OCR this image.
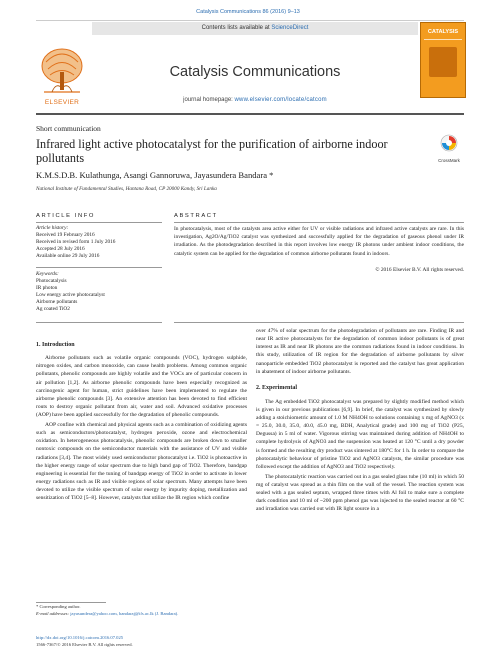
Catalysis Communications 86 (2016) 9–13
Contents lists available at ScienceDirect
ELSEVIER
Catalysis Communications
journal homepage: www.elsevier.com/locate/catcom
CATALYSIS
Short communication
Infrared light active photocatalyst for the purification of airborne indoor pollutants	CrossMark
K.M.S.D.B. Kulathunga, Asangi Gannoruwa, Jayasundera Bandara *
National Institute of Fundamental Studies, Hantana Road, CP 20000 Kandy, Sri Lanka
ARTICLE INFO
Article history:
Received 19 February 2016
Received in revised form 1 July 2016
Accepted 28 July 2016
Available online 29 July 2016
Keywords:
Photocatalysis
IR photon
Low energy active photocatalyst
Airborne pollutants
Ag coated TiO2
ABSTRACT
In photocatalysis, most of the catalysts area active either for UV or visible radiations and infrared active catalysts are rare. In this investigation, Ag2O/Ag/TiO2 catalyst was synthesized and successfully applied for the degradation of gaseous phenol under IR irradiation. As the photodegradation described in this report involves low energy IR photons under ambient indoor conditions, the catalytic system can be applied for the degradation of common airborne pollutants found in indoors.
© 2016 Elsevier B.V. All rights reserved.
1. Introduction

Airborne pollutants such as volatile organic compounds (VOC), hydrogen sulphide, nitrogen oxides, and carbon monoxide, can cause health problems. Among common organic pollutants, phenolic compounds are highly volatile and the VOCs are of particular concern in air pollution [1,2]. As airborne phenolic compounds have been especially recognized as carcinogenic agent for human, strict guidelines have been implemented to regulate the airborne phenolic compounds [3]. An extensive attention has been devoted to find efficient routs to destroy organic pollutant from air, water and soil. Advanced oxidative processes (AOP) have been applied successfully for the degradation of phenolic compounds.

AOP confine with chemical and physical agents such as a combination of oxidizing agents such as semiconductors/photocatalyst, hydrogen peroxide, ozone and electrochemical oxidation. In heterogeneous photocatalysis, phenolic compounds are broken down to smaller nontoxic compounds on the semiconductor materials with the assistance of UV and visible radiations [3,4]. The most widely used semiconductor photocatalyst i.e. TiO2 is photoactive in the higher energy range of solar spectrum due to high band gap of TiO2. Therefore, bandgap engineering is essential for the tuning of bandgap energy of TiO2 in order to activate in lower energy radiations such as IR and visible regions of solar spectrum. Many attempts have been devoted to utilize the visible spectrum of solar energy by impurity doping, metallization and sensitization of TiO2 [5–8]. However, catalysts that utilize the IR region which confine

over 47% of solar spectrum for the photodegradation of pollutants are rare. Finding IR and near IR active photocatalysts for the degradation of common indoor pollutants is of great interest as IR and near IR photons are the common radiations found in indoor conditions. In this study, utilization of IR region for the degradation of airborne pollutants by silver nanoparticle embedded TiO2 photocatalyst is reported and the catalyst has great application in abatement of indoor airborne pollutants.

2. Experimental

The Ag embedded TiO2 photocatalyst was prepared by slightly modified method which is given in our previous publications [6,9]. In brief, the catalyst was synthesized by slowly adding a stoichiometric amount of 1.0 M NH4OH to solutions containing x mg of AgNO3 (x = 25.0, 30.0, 35.0, 40.0, 45.0 mg, BDH, Analytical grade) and 100 mg of TiO2 (P25, Degussa) in 5 ml of water. Vigorous stirring was maintained during addition of NH4OH to complete hydrolysis of AgNO3 and the suspension was heated at 120 °C until a dry powder is formed and the resulting dry product was sintered at 180°C for 1 h. In order to compare the photocatalytic behaviour of pristine TiO2 and AgNO3 catalysts, the similar procedure was followed except the addition of AgNO3 and TiO2 respectively.

The photocatalytic reaction was carried out in a gas sealed glass tube (10 ml) in which 50 mg of catalyst was spread as a thin film on the wall of the vessel. The reaction system was sealed with a gas sealed septum, wrapped three times with Al foil to make sure a complete dark condition and 10 ml of ~200 ppm phenol gas was injected to the sealed reactor at 60 °C and irradiation was carried out with IR light source in a

* Corresponding author.
E-mail addresses: jayasundera@yahoo.com, bandaraj@ifs.ac.lk (J. Bandara).
http://dx.doi.org/10.1016/j.catcom.2016.07.025
1566-7367/© 2016 Elsevier B.V. All rights reserved.
